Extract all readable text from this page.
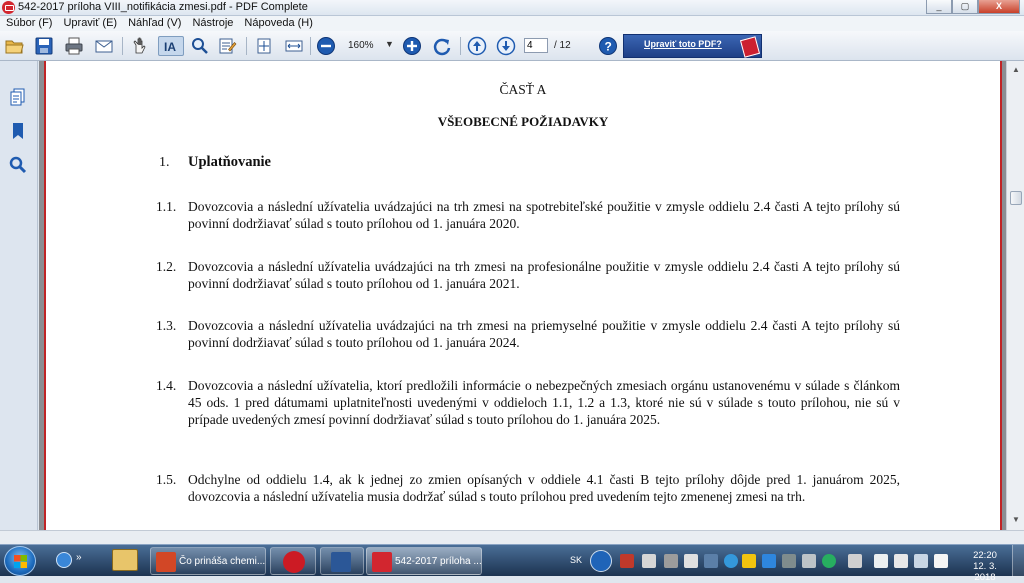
542-2017 príloha VIII_notifikácia zmesi.pdf - PDF Complete	_	▢	X
Súbor (F) Upraviť (E) Náhľad (V) Nástroje Nápoveda (H)
IA	160% ▼
4	/ 12	?	Upraviť toto PDF?
ČASŤ A
VŠEOBECNÉ POŽIADAVKY
1. Uplatňovanie
1.1. Dovozcovia a následní užívatelia uvádzajúci na trh zmesi na spotrebiteľské použitie v zmysle oddielu 2.4 časti A tejto prílohy sú povinní dodržiavať súlad s touto prílohou od 1. januára 2020.
1.2. Dovozcovia a následní užívatelia uvádzajúci na trh zmesi na profesionálne použitie v zmysle oddielu 2.4 časti A tejto prílohy sú povinní dodržiavať súlad s touto prílohou od 1. januára 2021.
1.3. Dovozcovia a následní užívatelia uvádzajúci na trh zmesi na priemyselné použitie v zmysle oddielu 2.4 časti A tejto prílohy sú povinní dodržiavať súlad s touto prílohou od 1. januára 2024.
1.4. Dovozcovia a následní užívatelia, ktorí predložili informácie o nebezpečných zmesiach orgánu ustanovenému v súlade s článkom 45 ods. 1 pred dátumami uplatniteľnosti uvedenými v oddieloch 1.1, 1.2 a 1.3, ktoré nie sú v súlade s touto prílohou, nie sú v prípade uvedených zmesí povinní dodržiavať súlad s touto prílohou do 1. januára 2025.
1.5. Odchylne od oddielu 1.4, ak k jednej zo zmien opísaných v oddiele 4.1 časti B tejto prílohy dôjde pred 1. januárom 2025, dovozcovia a následní užívatelia musia dodržať súlad s touto prílohou pred uvedením tejto zmenenej zmesi na trh.
▲
▼
»	Čo prináša chemi...	542-2017 príloha ...	SK	22:20
12. 3. 2018
